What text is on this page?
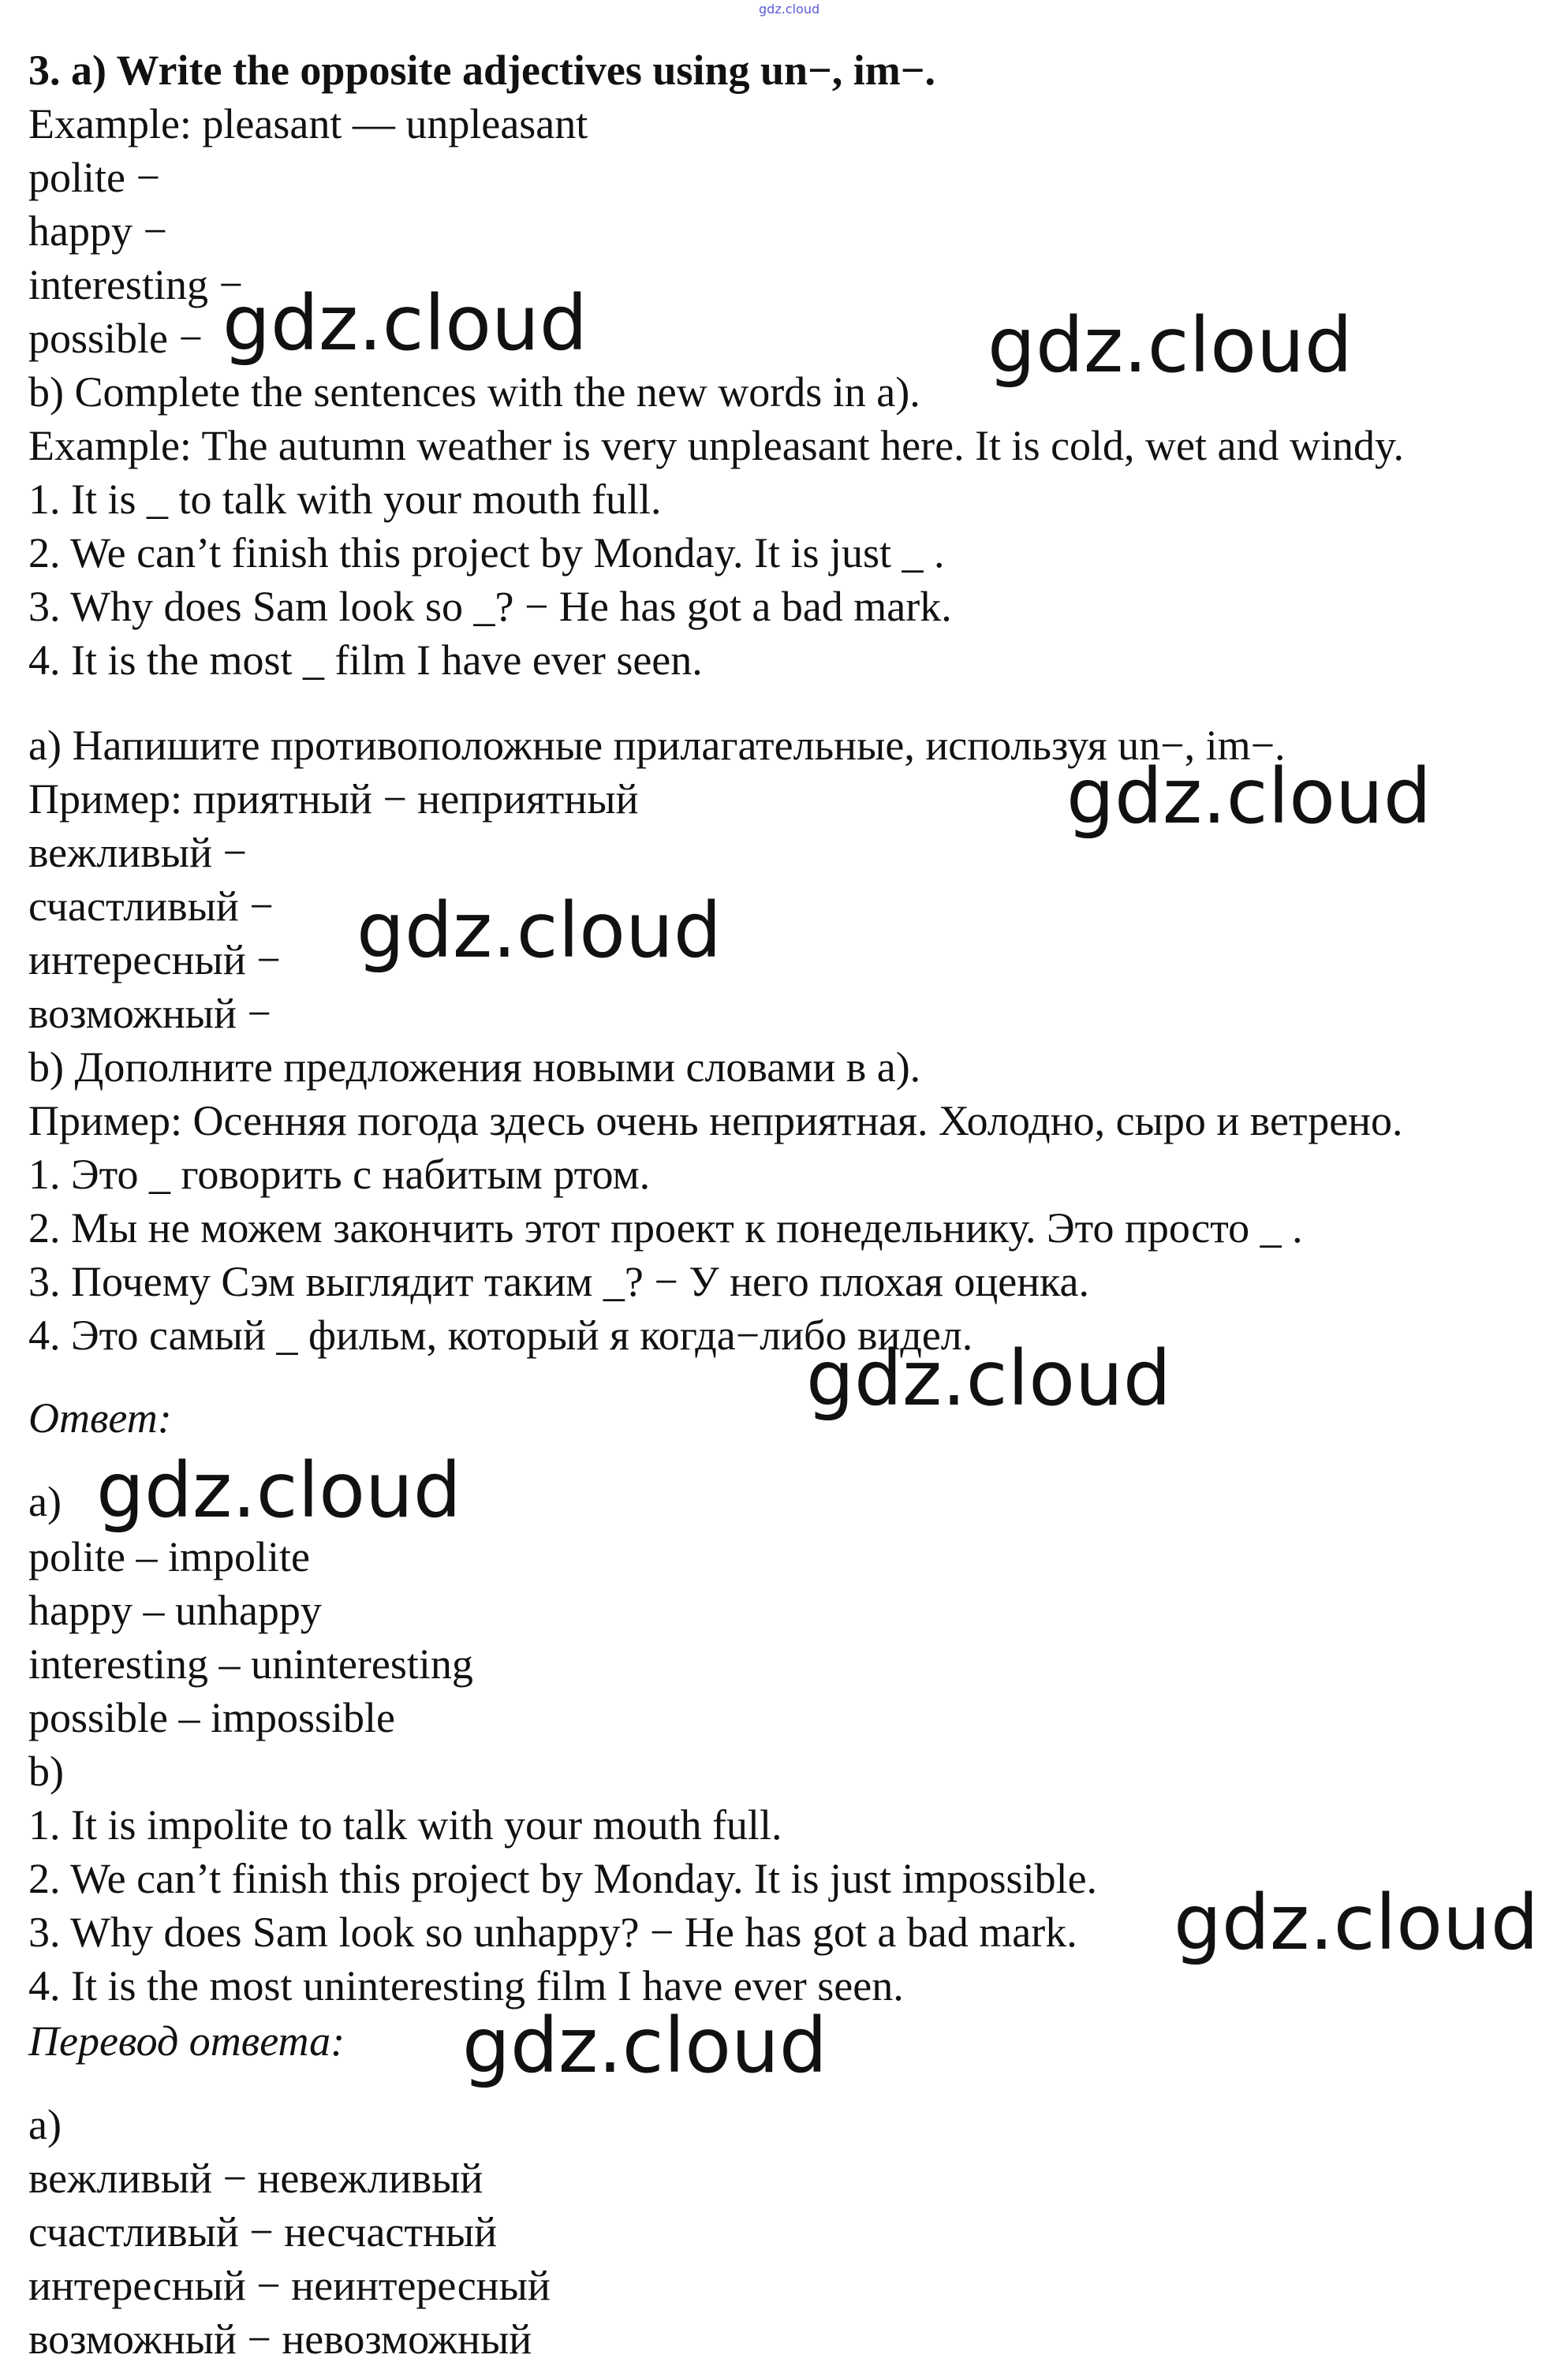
gdz.cloud
3. a) Write the opposite adjectives using un−, im−.
Example: pleasant — unpleasant
polite −
happy −
interesting −
possible −
b) Complete the sentences with the new words in a).
Example: The autumn weather is very unpleasant here. It is cold, wet and windy.
1. It is _ to talk with your mouth full.
2. We can’t finish this project by Monday. It is just _ .
3. Why does Sam look so _? − He has got a bad mark.
4. It is the most _ film I have ever seen.
a) Напишите противоположные прилагательные, используя un−, im−.
Пример: приятный − неприятный
вежливый −
счастливый −
интересный −
возможный −
b) Дополните предложения новыми словами в а).
Пример: Осенняя погода здесь очень неприятная. Холодно, сыро и ветрено.
1. Это _ говорить с набитым ртом.
2. Мы не можем закончить этот проект к понедельнику. Это просто _ .
3. Почему Сэм выглядит таким _? − У него плохая оценка.
4. Это самый _ фильм, который я когда−либо видел.
Ответ:
a)
polite – impolite
happy – unhappy
interesting – uninteresting
possible – impossible
b)
1. It is impolite to talk with your mouth full.
2. We can’t finish this project by Monday. It is just impossible.
3. Why does Sam look so unhappy? − He has got a bad mark.
4. It is the most uninteresting film I have ever seen.
Перевод ответа:
а)
вежливый − невежливый
счастливый − несчастный
интересный − неинтересный
возможный − невозможный
gdz.cloud	gdz.cloud
gdz.cloud
gdz.cloud
gdz.cloud
gdz.cloud
gdz.cloud
gdz.cloud
